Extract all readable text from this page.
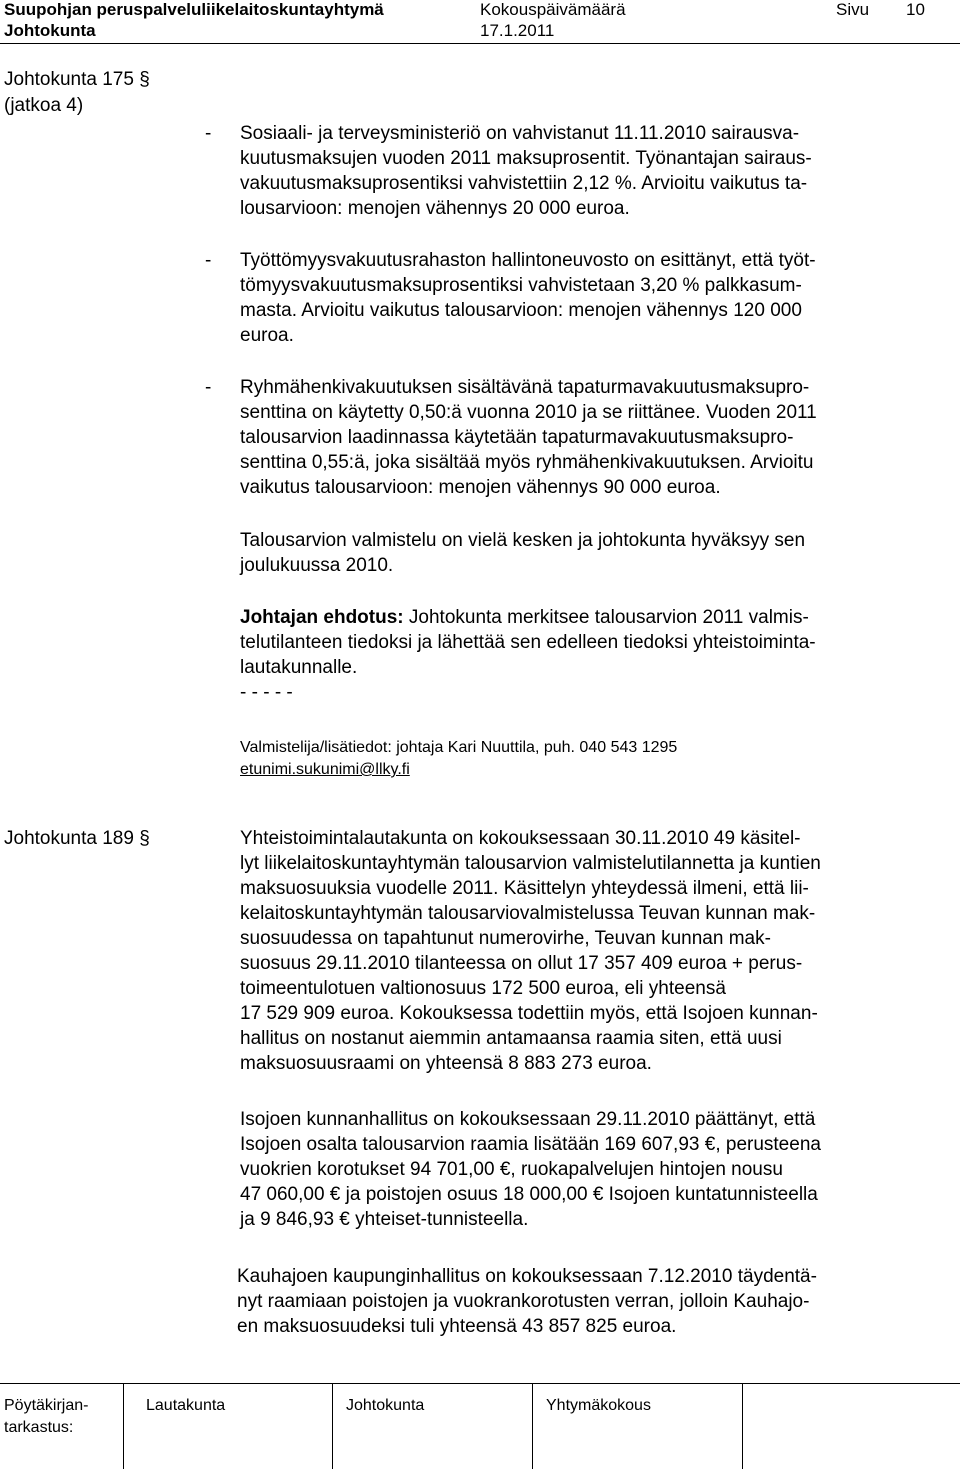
Suupohjan peruspalveluliikelaitoskuntayhtymä	Kokouspäivämäärä	Sivu 10
Johtokunta	17.1.2011
Johtokunta 175 §
(jatkoa 4)
- Sosiaali- ja terveysministeriö on vahvistanut 11.11.2010 sairausva-
kuutusmaksujen vuoden 2011 maksuprosentit. Työnantajan sairaus-
vakuutusmaksuprosentiksi vahvistettiin 2,12 %. Arvioitu vaikutus ta-
lousarvioon: menojen vähennys 20 000 euroa.
- Työttömyysvakuutusrahaston hallintoneuvosto on esittänyt, että työt-
tömyysvakuutusmaksuprosentiksi vahvistetaan 3,20 % palkkasum-
masta. Arvioitu vaikutus talousarvioon: menojen vähennys 120 000
euroa.
- Ryhmähenkivakuutuksen sisältävänä tapaturmavakuutusmaksupro-
senttina on käytetty 0,50:ä vuonna 2010 ja se riittänee. Vuoden 2011
talousarvion laadinnassa käytetään tapaturmavakuutusmaksupro-
senttina 0,55:ä, joka sisältää myös ryhmähenkivakuutuksen. Arvioitu
vaikutus talousarvioon: menojen vähennys 90 000 euroa.
Talousarvion valmistelu on vielä kesken ja johtokunta hyväksyy sen
joulukuussa 2010.
Johtajan ehdotus: Johtokunta merkitsee talousarvion 2011 valmis-
telutilanteen tiedoksi ja lähettää sen edelleen tiedoksi yhteistoiminta-
lautakunnalle.
- - - - -
Valmistelija/lisätiedot: johtaja Kari Nuuttila, puh. 040 543 1295
etunimi.sukunimi@llky.fi
Johtokunta 189 §	Yhteistoimintalautakunta on kokouksessaan 30.11.2010 49 käsitel-
lyt liikelaitoskuntayhtymän talousarvion valmistelutilannetta ja kuntien
maksuosuuksia vuodelle 2011. Käsittelyn yhteydessä ilmeni, että lii-
kelaitoskuntayhtymän talousarviovalmistelussa Teuvan kunnan mak-
suosuudessa on tapahtunut numerovirhe, Teuvan kunnan mak-
suosuus 29.11.2010 tilanteessa on ollut 17 357 409 euroa + perus-
toimeentulotuen valtionosuus 172 500 euroa, eli yhteensä
17 529 909 euroa. Kokouksessa todettiin myös, että Isojoen kunnan-
hallitus on nostanut aiemmin antamaansa raamia siten, että uusi
maksuosuusraami on yhteensä 8 883 273 euroa.
Isojoen kunnanhallitus on kokouksessaan 29.11.2010 päättänyt, että
Isojoen osalta talousarvion raamia lisätään 169 607,93 €, perusteena
vuokrien korotukset 94 701,00 €, ruokapalvelujen hintojen nousu
47 060,00 € ja poistojen osuus 18 000,00 € Isojoen kuntatunnisteella
ja 9 846,93 € yhteiset-tunnisteella.
Kauhajoen kaupunginhallitus on kokouksessaan 7.12.2010 täydentä-
nyt raamiaan poistojen ja vuokrankorotusten verran, jolloin Kauhajo-
en maksuosuudeksi tuli yhteensä 43 857 825 euroa.
Pöytäkirjan-
tarkastus:
Lautakunta	Johtokunta	Yhtymäkokous
